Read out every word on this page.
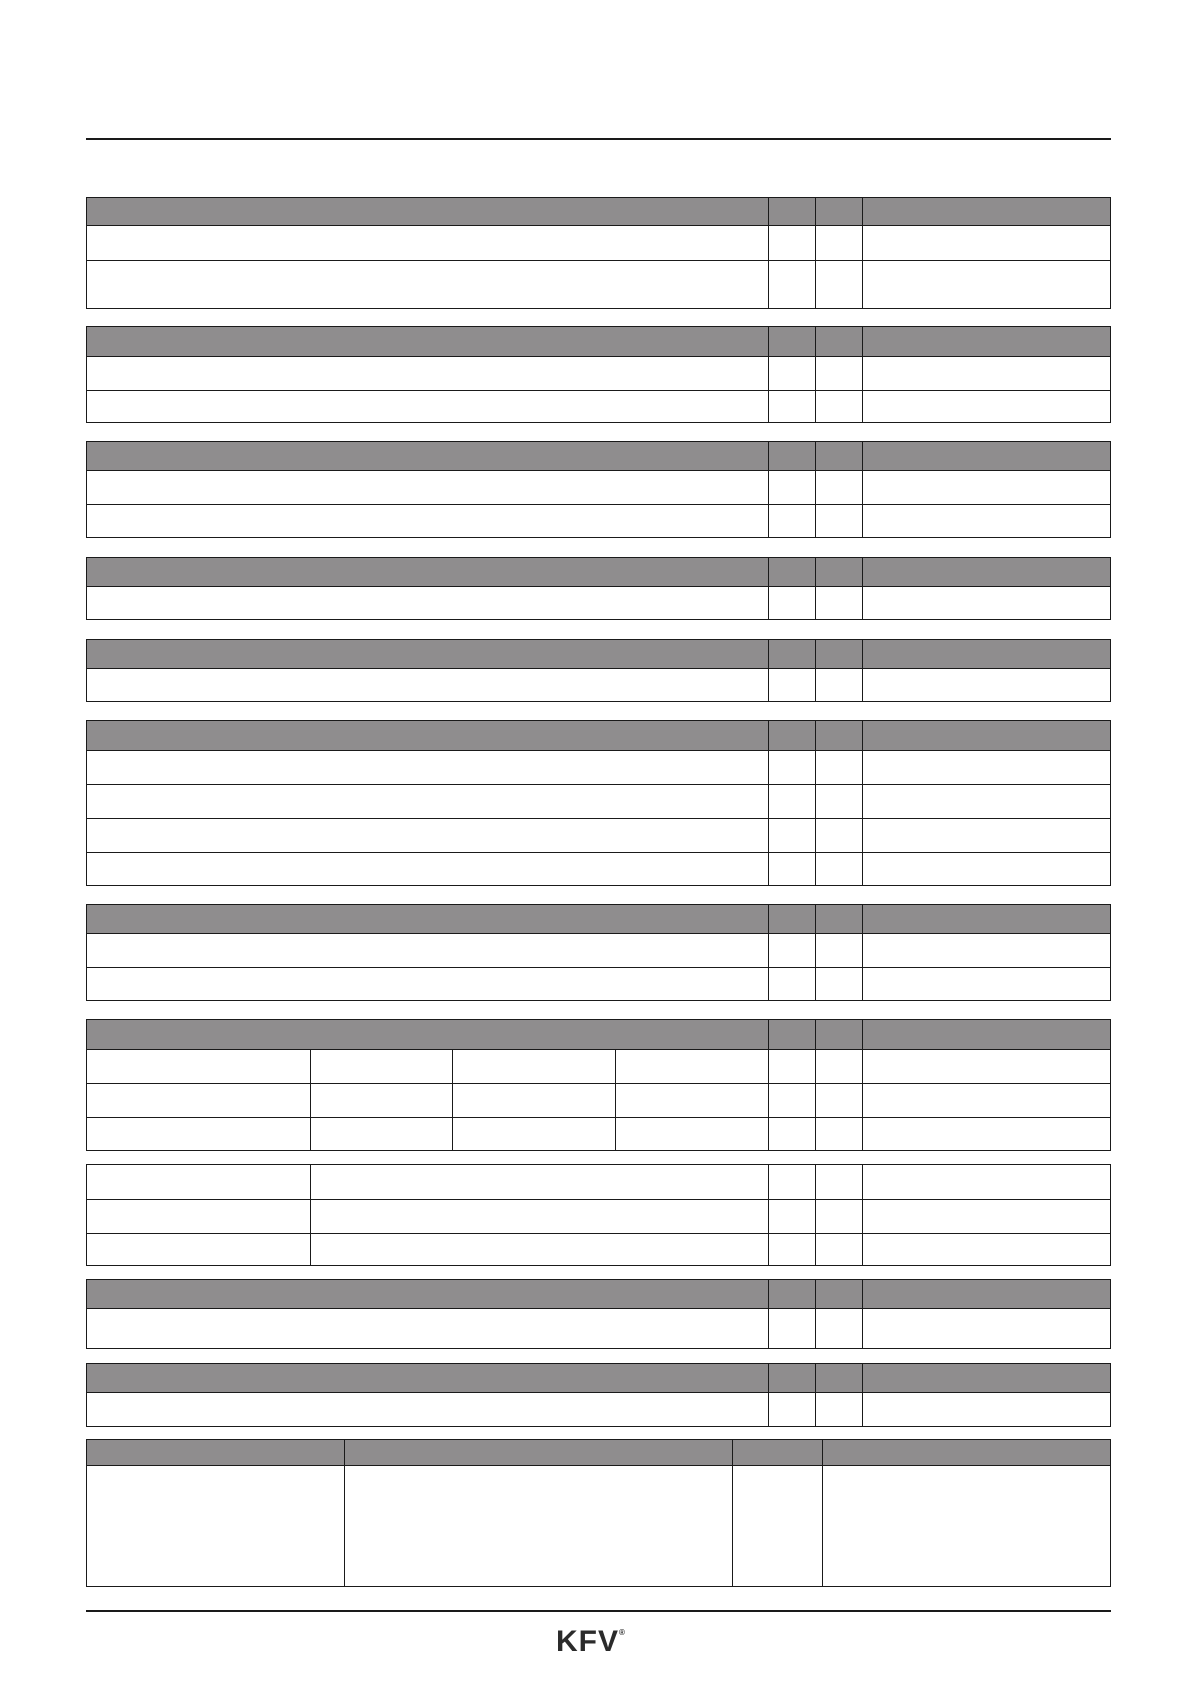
KFV®
